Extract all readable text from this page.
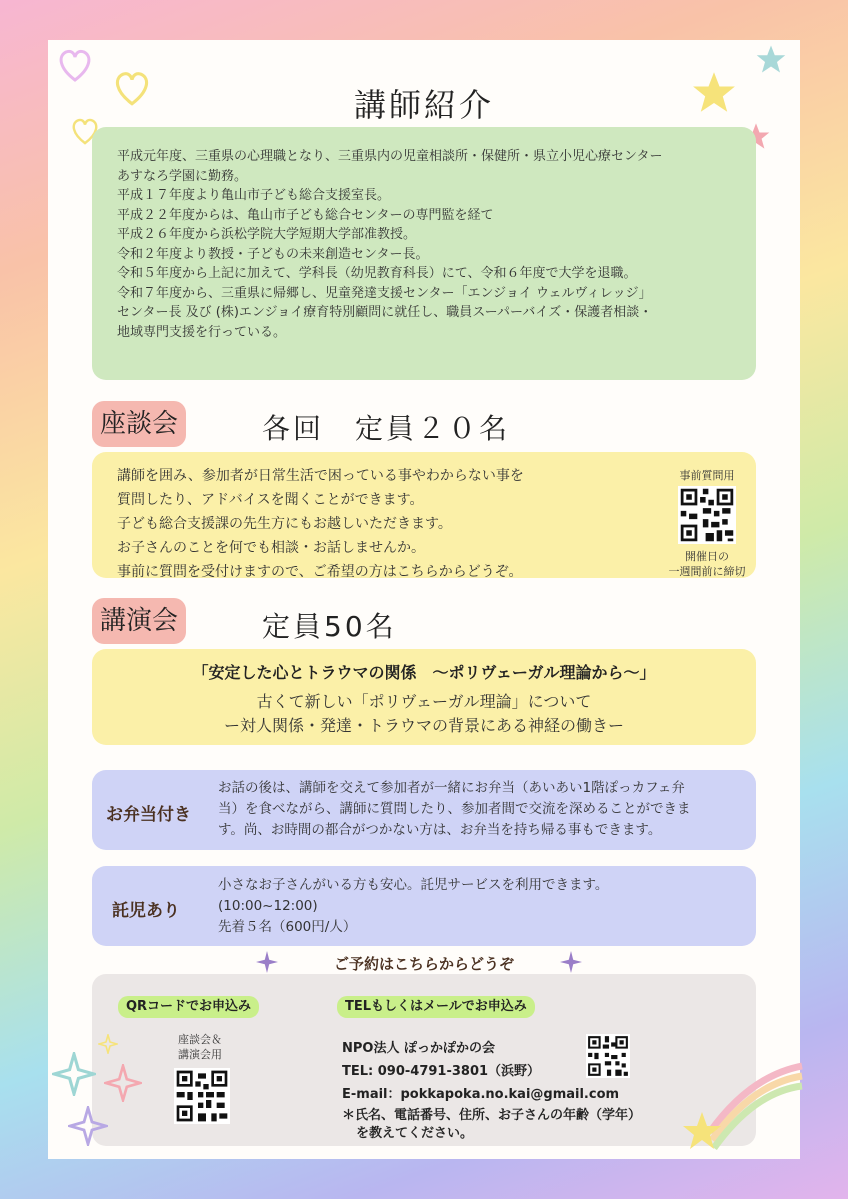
講師紹介
平成元年度、三重県の心理職となり、三重県内の児童相談所・保健所・県立小児心療センター
あすなろ学園に勤務。
平成１７年度より亀山市子ども総合支援室長。
平成２２年度からは、亀山市子ども総合センターの専門監を経て
平成２６年度から浜松学院大学短期大学部准教授。
令和２年度より教授・子どもの未来創造センター長。
令和５年度から上記に加えて、学科長（幼児教育科長）にて、令和６年度で大学を退職。
令和７年度から、三重県に帰郷し、児童発達支援センター「エンジョイ ウェルヴィレッジ」
センター長 及び (株)エンジョイ療育特別顧問に就任し、職員スーパーバイズ・保護者相談・
地域専門支援を行っている。
座談会	各回　定員２０名
講師を囲み、参加者が日常生活で困っている事やわからない事を
質問したり、アドバイスを聞くことができます。
子ども総合支援課の先生方にもお越しいただきます。
お子さんのことを何でも相談・お話しませんか。
事前に質問を受付けますので、ご希望の方はこちらからどうぞ。
事前質問用
開催日の
一週間前に締切
講演会	定員50名
「安定した心とトラウマの関係　～ポリヴェーガル理論から～」
古くて新しい「ポリヴェーガル理論」について
ー対人関係・発達・トラウマの背景にある神経の働きー
お弁当付き
お話の後は、講師を交えて参加者が一緒にお弁当（あいあい1階ぽっカフェ弁
当）を食べながら、講師に質問したり、参加者間で交流を深めることができま
す。尚、お時間の都合がつかない方は、お弁当を持ち帰る事もできます。
託児あり
小さなお子さんがいる方も安心。託児サービスを利用できます。
(10:00~12:00)
先着５名（600円/人）
ご予約はこちらからどうぞ
QRコードでお申込み
座談会＆
講演会用
TELもしくはメールでお申込み
NPO法人 ぽっかぽかの会
TEL: 090-4791-3801（浜野）
E-mail：pokkapoka.no.kai@gmail.com
＊氏名、電話番号、住所、お子さんの年齢（学年）
を教えてください。
